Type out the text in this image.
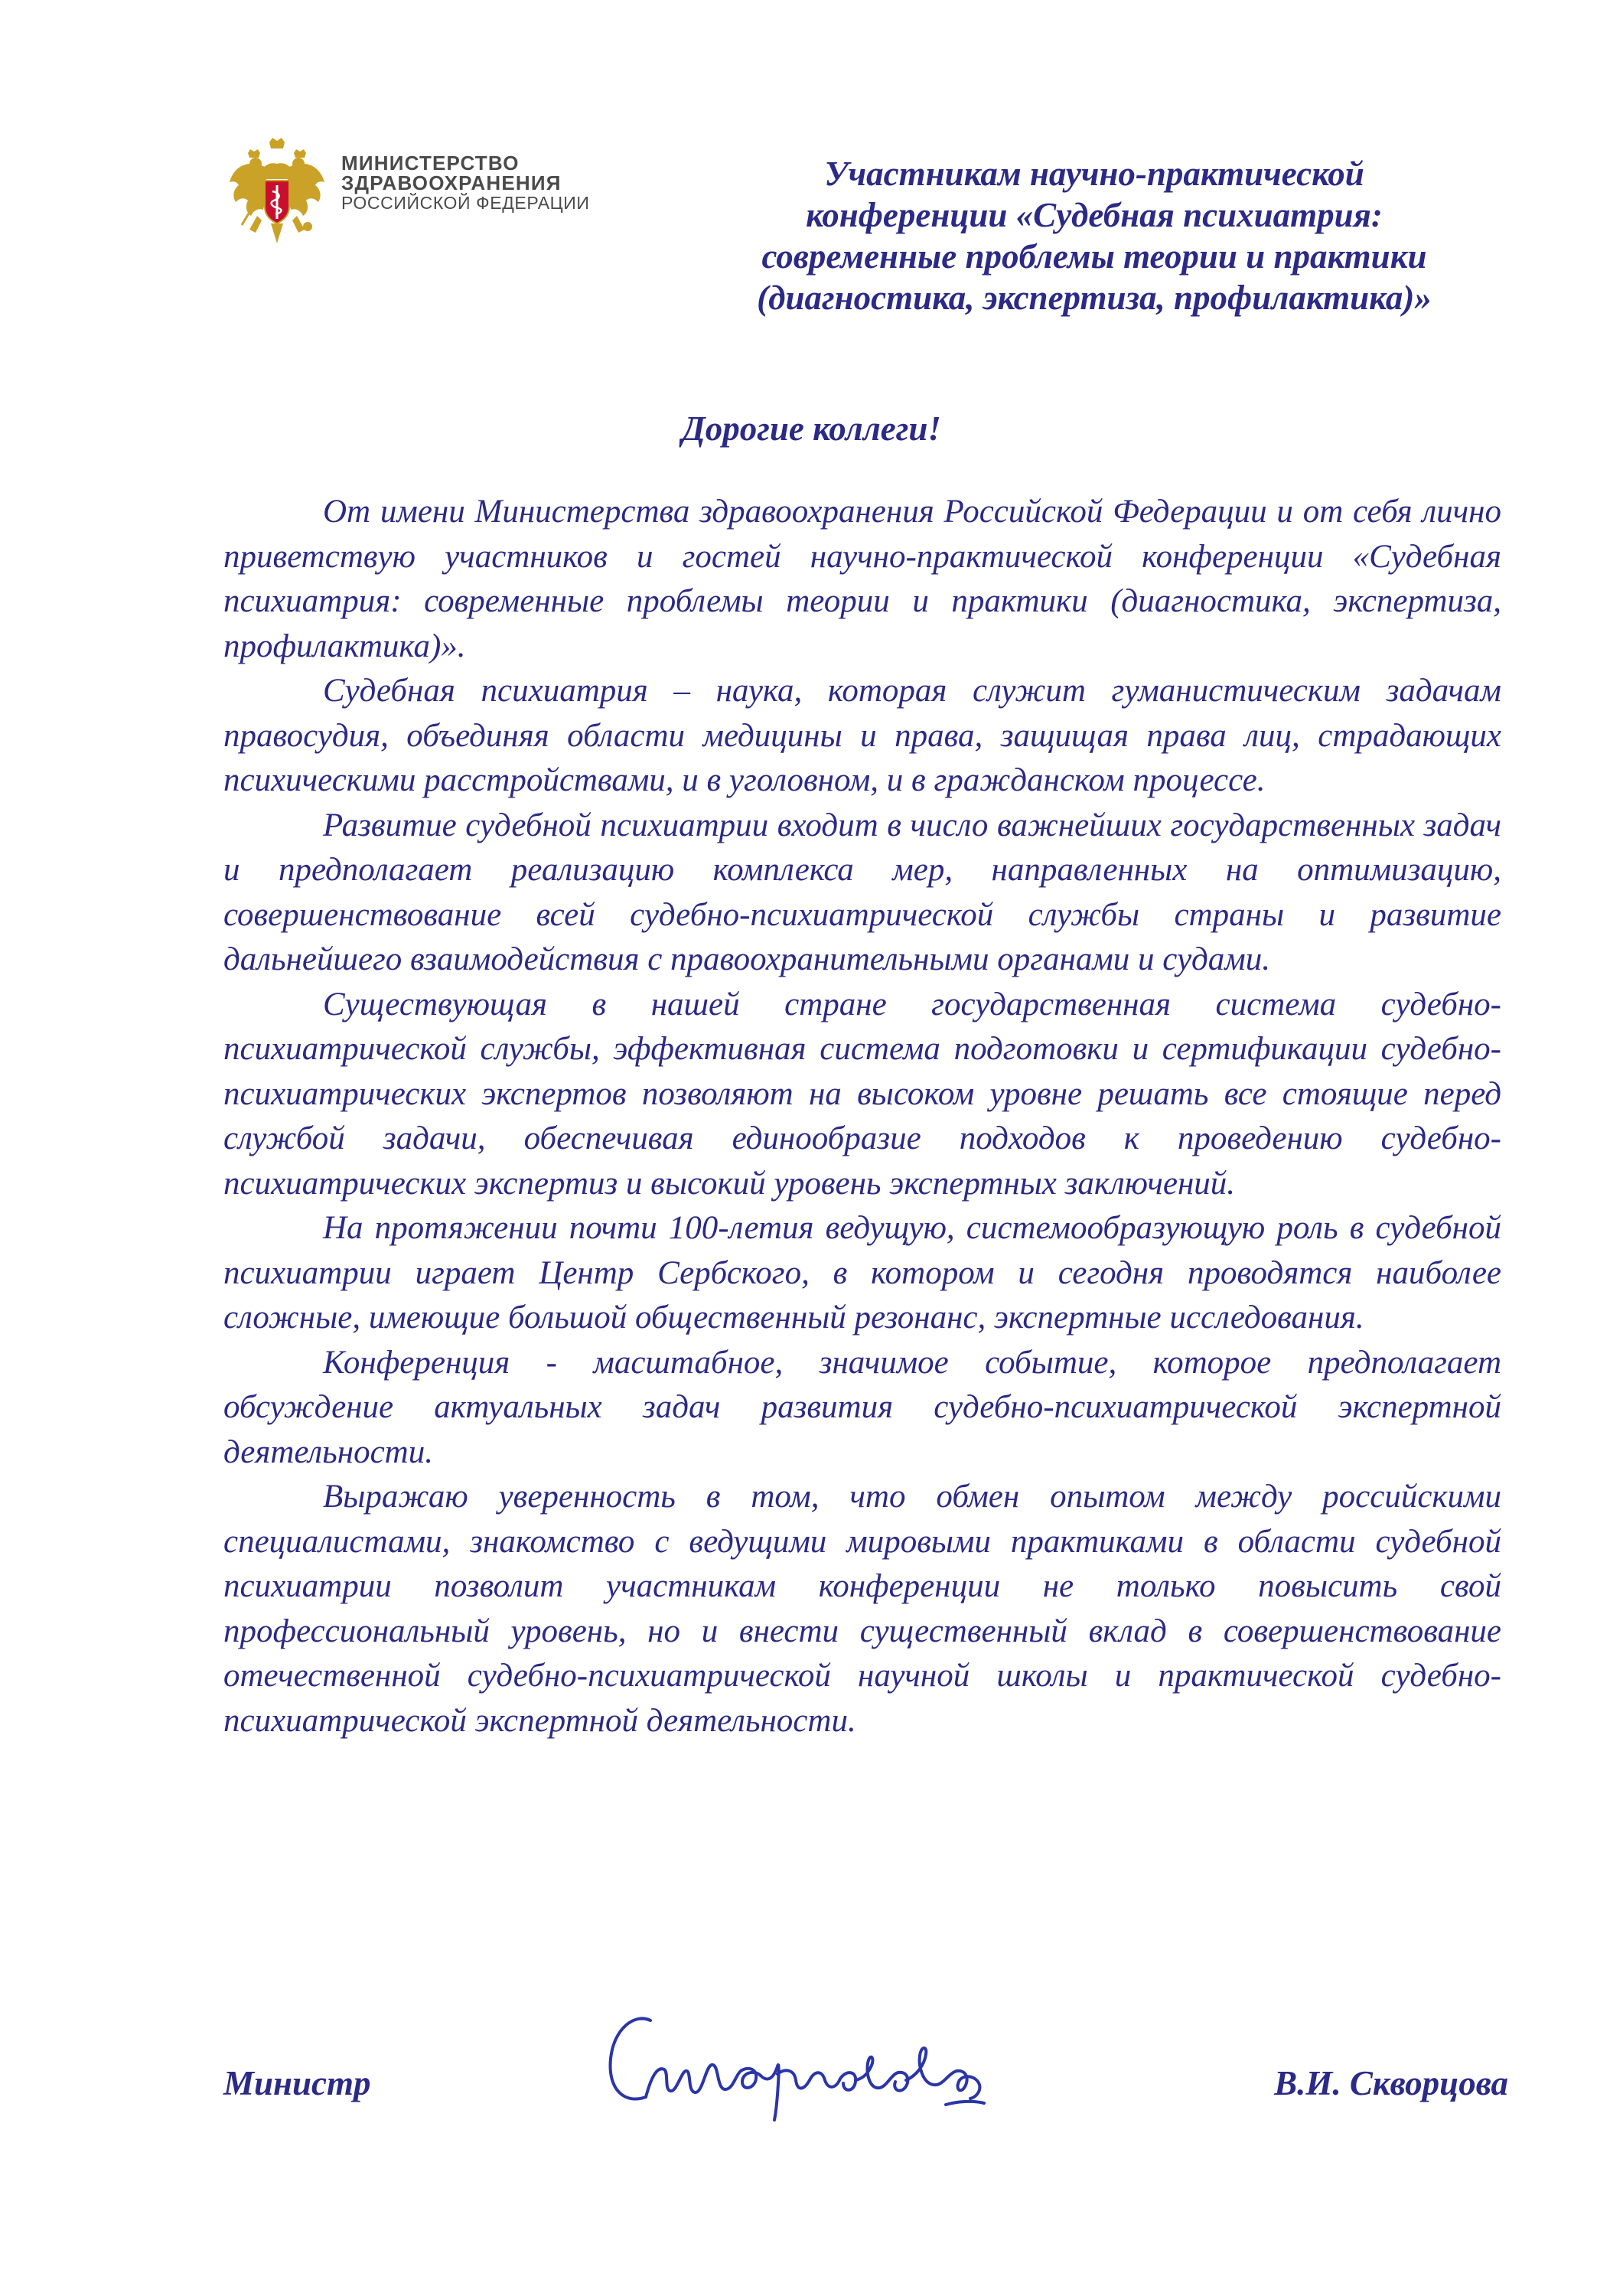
МИНИСТЕРСТВО
ЗДРАВООХРАНЕНИЯ
РОССИЙСКОЙ ФЕДЕРАЦИИ
Участникам научно-практической
конференции «Судебная психиатрия:
современные проблемы теории и практики
(диагностика, экспертиза, профилактика)»
Дорогие коллеги!

От имени Министерства здравоохранения Российской Федерации и от себя лично приветствую участников и гостей научно-практической конференции «Судебная психиатрия: современные проблемы теории и практики (диагностика, экспертиза, профилактика)».

Судебная психиатрия – наука, которая служит гуманистическим задачам правосудия, объединяя области медицины и права, защищая права лиц, страдающих психическими расстройствами, и в уголовном, и в гражданском процессе.

Развитие судебной психиатрии входит в число важнейших государственных задач и предполагает реализацию комплекса мер, направленных на оптимизацию, совершенствование всей судебно-психиатрической службы страны и развитие дальнейшего взаимодействия с правоохранительными органами и судами.

Существующая в нашей стране государственная система судебно-психиатрической службы, эффективная система подготовки и сертификации судебно-психиатрических экспертов позволяют на высоком уровне решать все стоящие перед службой задачи, обеспечивая единообразие подходов к проведению судебно-психиатрических экспертиз и высокий уровень экспертных заключений.

На протяжении почти 100-летия ведущую, системообразующую роль в судебной психиатрии играет Центр Сербского, в котором и сегодня проводятся наиболее сложные, имеющие большой общественный резонанс, экспертные исследования.

Конференция - масштабное, значимое событие, которое предполагает обсуждение актуальных задач развития судебно-психиатрической экспертной деятельности.

Выражаю уверенность в том, что обмен опытом между российскими специалистами, знакомство с ведущими мировыми практиками в области судебной психиатрии позволит участникам конференции не только повысить свой профессиональный уровень, но и внести существенный вклад в совершенствование отечественной судебно-психиатрической научной школы и практической судебно-психиатрической экспертной деятельности.

Министр	В.И. Скворцова
